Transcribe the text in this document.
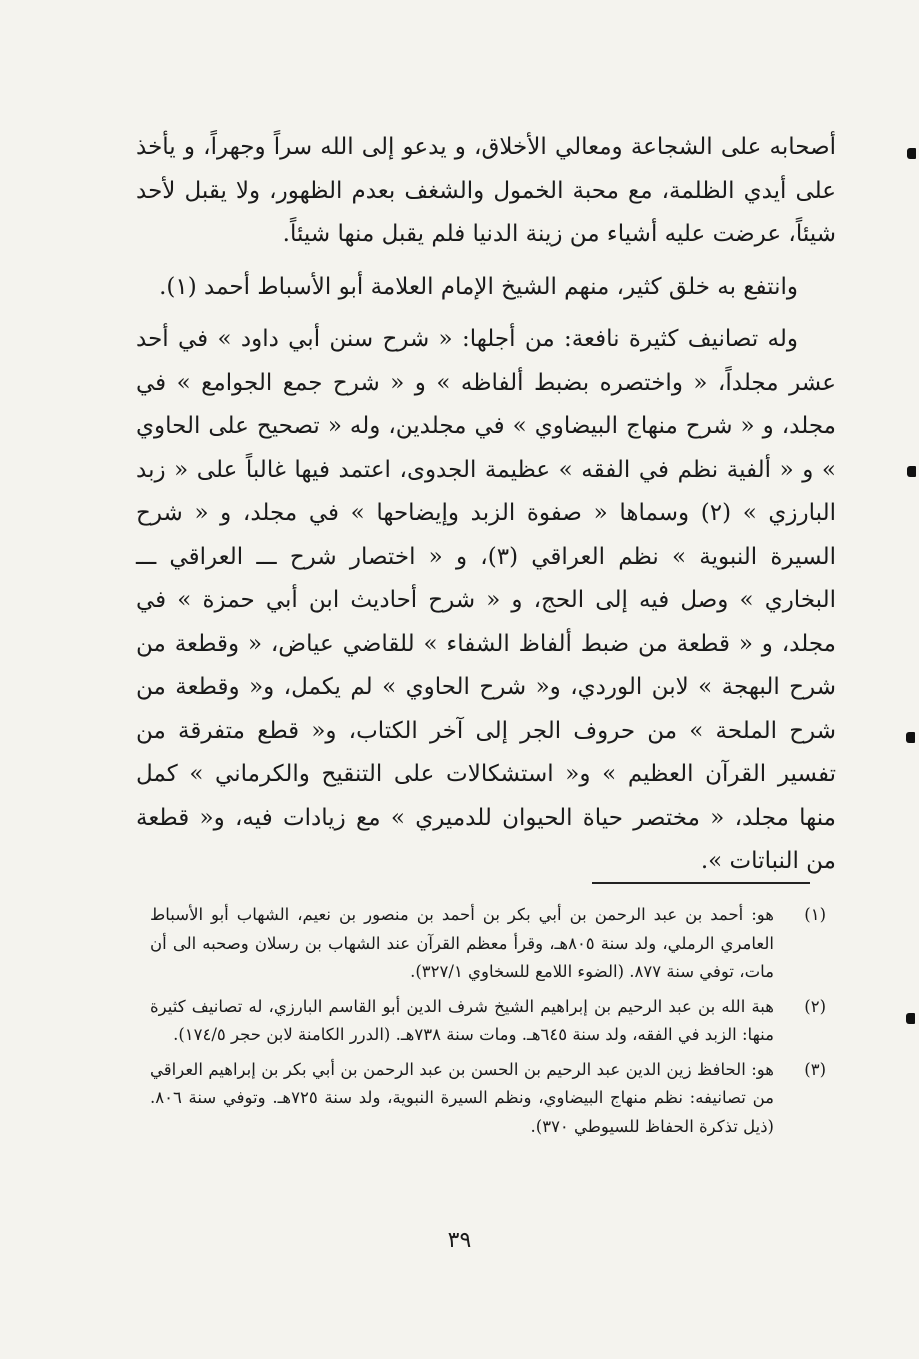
أصحابه على الشجاعة ومعالي الأخلاق، و يدعو إلى الله سراً وجهراً، و يأخذ على أيدي الظلمة، مع محبة الخمول والشغف بعدم الظهور، ولا يقبل لأحد شيئاً، عرضت عليه أشياء من زينة الدنيا فلم يقبل منها شيئاً.

وانتفع به خلق كثير، منهم الشيخ الإمام العلامة أبو الأسباط أحمد (١).

وله تصانيف كثيرة نافعة: من أجلها: « شرح سنن أبي داود » في أحد عشر مجلداً، « واختصره بضبط ألفاظه » و « شرح جمع الجوامع » في مجلد، و « شرح منهاج البيضاوي » في مجلدين، وله « تصحيح على الحاوي » و « ألفية نظم في الفقه » عظيمة الجدوى، اعتمد فيها غالباً على « زبد البارزي » (٢) وسماها « صفوة الزبد وإيضاحها » في مجلد، و « شرح السيرة النبوية » نظم العراقي (٣)، و « اختصار شرح ـــ العراقي ـــ البخاري » وصل فيه إلى الحج، و « شرح أحاديث ابن أبي حمزة » في مجلد، و « قطعة من ضبط ألفاظ الشفاء » للقاضي عياض، « وقطعة من شرح البهجة » لابن الوردي، و« شرح الحاوي » لم يكمل، و« وقطعة من شرح الملحة » من حروف الجر إلى آخر الكتاب، و« قطع متفرقة من تفسير القرآن العظيم » و« استشكالات على التنقيح والكرماني » كمل منها مجلد، « مختصر حياة الحيوان للدميري » مع زيادات فيه، و« قطعة من النباتات ».

(١)
هو: أحمد بن عبد الرحمن بن أبي بكر بن أحمد بن منصور بن نعيم، الشهاب أبو الأسباط العامري الرملي، ولد سنة ٨٠٥هـ، وقرأ معظم القرآن عند الشهاب بن رسلان وصحبه الى أن مات، توفي سنة ٨٧٧. (الضوء اللامع للسخاوي ٣٢٧/١).
(٢)
هبة الله بن عبد الرحيم بن إبراهيم الشيخ شرف الدين أبو القاسم البارزي، له تصانيف كثيرة منها: الزبد في الفقه، ولد سنة ٦٤٥هـ. ومات سنة ٧٣٨هـ. (الدرر الكامنة لابن حجر ١٧٤/٥).
(٣)
هو: الحافظ زين الدين عبد الرحيم بن الحسن بن عبد الرحمن بن أبي بكر بن إبراهيم العراقي من تصانيفه: نظم منهاج البيضاوي، ونظم السيرة النبوية، ولد سنة ٧٢٥هـ. وتوفي سنة ٨٠٦. (ذيل تذكرة الحفاظ للسيوطي ٣٧٠).
٣٩
